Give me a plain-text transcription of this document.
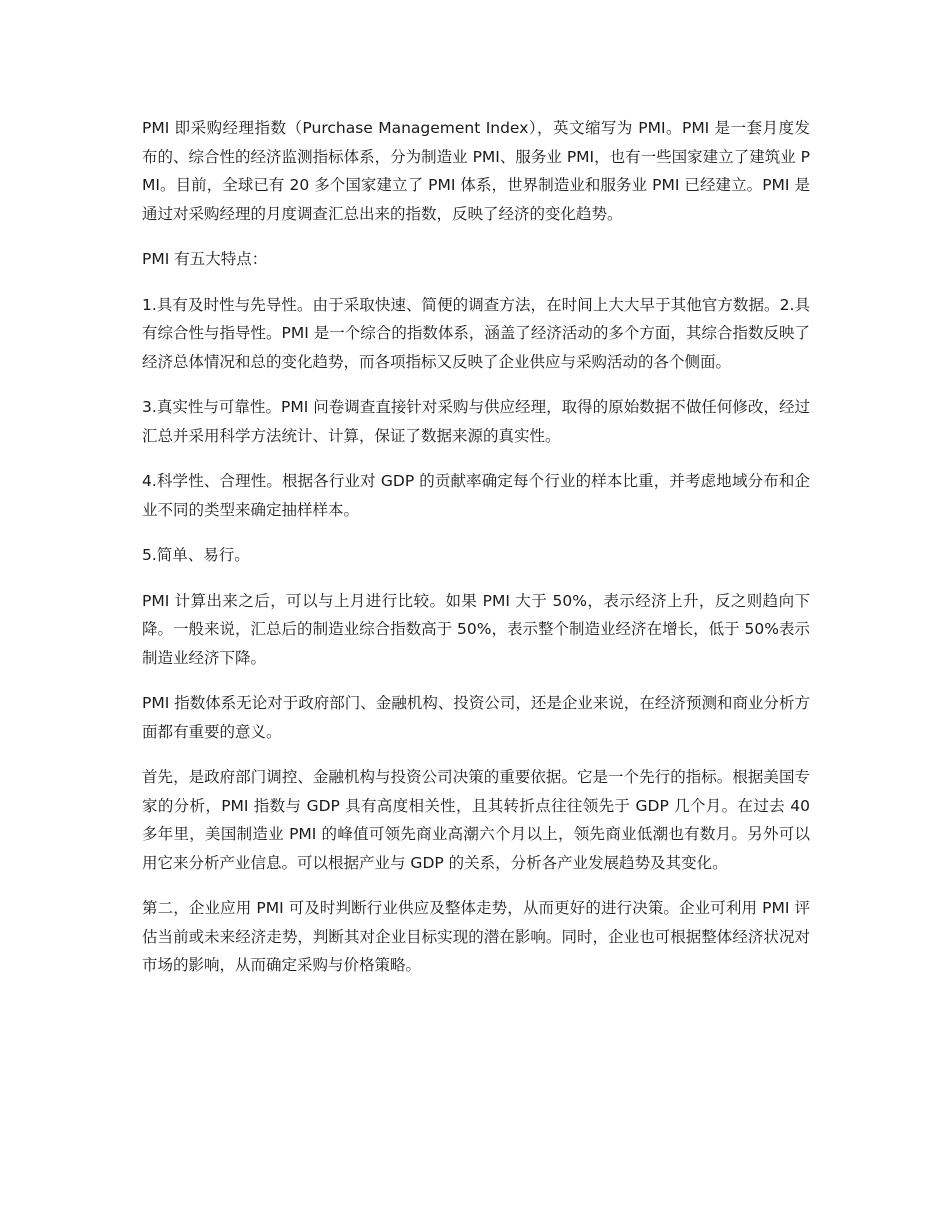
PMI 即采购经理指数（Purchase Management Index），英文缩写为 PMI。PMI 是一套月度发布的、综合性的经济监测指标体系，分为制造业 PMI、服务业 PMI，也有一些国家建立了建筑业 PMI。目前，全球已有 20 多个国家建立了 PMI 体系，世界制造业和服务业 PMI 已经建立。PMI 是通过对采购经理的月度调查汇总出来的指数，反映了经济的变化趋势。

PMI 有五大特点：

1.具有及时性与先导性。由于采取快速、简便的调查方法，在时间上大大早于其他官方数据。2.具有综合性与指导性。PMI 是一个综合的指数体系，涵盖了经济活动的多个方面，其综合指数反映了经济总体情况和总的变化趋势，而各项指标又反映了企业供应与采购活动的各个侧面。

3.真实性与可靠性。PMI 问卷调查直接针对采购与供应经理，取得的原始数据不做任何修改，经过汇总并采用科学方法统计、计算，保证了数据来源的真实性。

4.科学性、合理性。根据各行业对 GDP 的贡献率确定每个行业的样本比重，并考虑地域分布和企业不同的类型来确定抽样样本。

5.简单、易行。

PMI 计算出来之后，可以与上月进行比较。如果 PMI 大于 50%，表示经济上升，反之则趋向下降。一般来说，汇总后的制造业综合指数高于 50%，表示整个制造业经济在增长，低于 50%表示制造业经济下降。

PMI 指数体系无论对于政府部门、金融机构、投资公司，还是企业来说，在经济预测和商业分析方面都有重要的意义。

首先，是政府部门调控、金融机构与投资公司决策的重要依据。它是一个先行的指标。根据美国专家的分析，PMI 指数与 GDP 具有高度相关性，且其转折点往往领先于 GDP 几个月。在过去 40 多年里，美国制造业 PMI 的峰值可领先商业高潮六个月以上，领先商业低潮也有数月。另外可以用它来分析产业信息。可以根据产业与 GDP 的关系，分析各产业发展趋势及其变化。

第二，企业应用 PMI 可及时判断行业供应及整体走势，从而更好的进行决策。企业可利用 PMI 评估当前或未来经济走势，判断其对企业目标实现的潜在影响。同时，企业也可根据整体经济状况对市场的影响，从而确定采购与价格策略。
